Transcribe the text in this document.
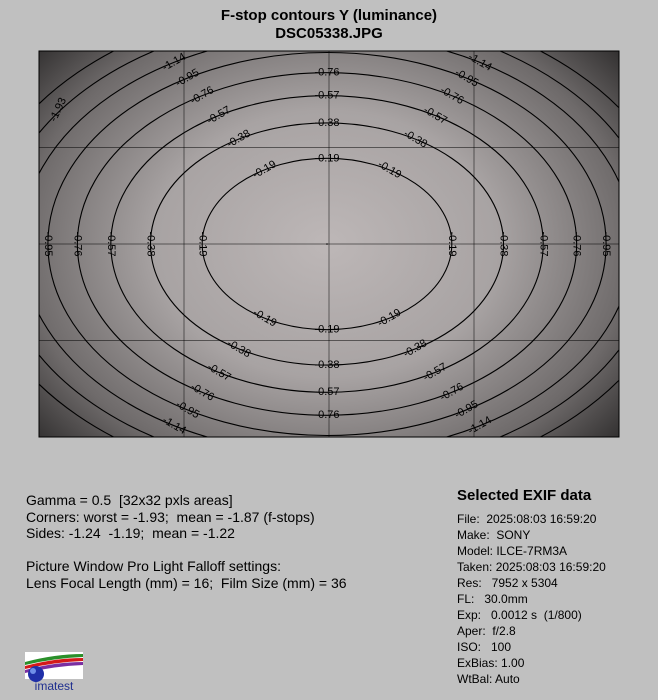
F-stop contours Y (luminance)
DSC05338.JPG
-0.19
-0.19
-0.19
-0.19
-0.19
-0.19
-0.19
-0.19
-0.38
-0.38
-0.38
-0.38
-0.38
-0.38
-0.38
-0.38	-0.57
-0.57
-0.57
-0.57
-0.57
-0.57
-0.57
-0.57	-0.76
-0.76
-0.76
-0.76
-0.76
-0.76
-0.76
-0.76	-0.95
-0.95
-0.95
-0.95
-0.95
-0.95
-1.14
-1.14
-1.14
-1.14
-1.93
Gamma = 0.5  [32x32 pxls areas]
Corners: worst = -1.93;  mean = -1.87 (f-stops)
Sides: -1.24  -1.19;  mean = -1.22
Picture Window Pro Light Falloff settings:
Lens Focal Length (mm) = 16;  Film Size (mm) = 36
Selected EXIF data
File:  2025:08:03 16:59:20
Make:  SONY
Model: ILCE-7RM3A
Taken: 2025:08:03 16:59:20
Res:   7952 x 5304
FL:   30.0mm
Exp:   0.0012 s  (1/800)
Aper:  f/2.8
ISO:   100
ExBias: 1.00
WtBal: Auto
imatest
